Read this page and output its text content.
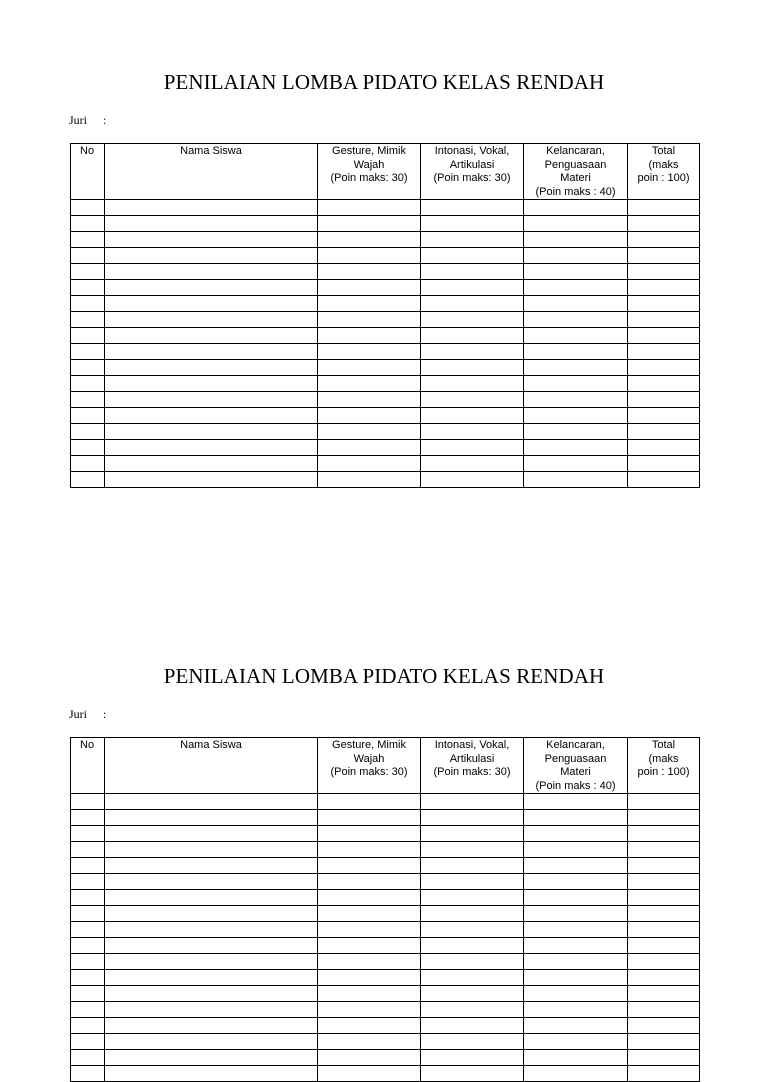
PENILAIAN LOMBA PIDATO KELAS RENDAH
Juri :
No	Nama Siswa	Gesture, Mimik
Wajah
(Poin maks: 30)	Intonasi, Vokal,
Artikulasi
(Poin maks: 30)	Kelancaran,
Penguasaan
Materi
(Poin maks : 40)	Total
(maks
poin : 100)

PENILAIAN LOMBA PIDATO KELAS RENDAH
Juri :
No	Nama Siswa	Gesture, Mimik
Wajah
(Poin maks: 30)	Intonasi, Vokal,
Artikulasi
(Poin maks: 30)	Kelancaran,
Penguasaan
Materi
(Poin maks : 40)	Total
(maks
poin : 100)
